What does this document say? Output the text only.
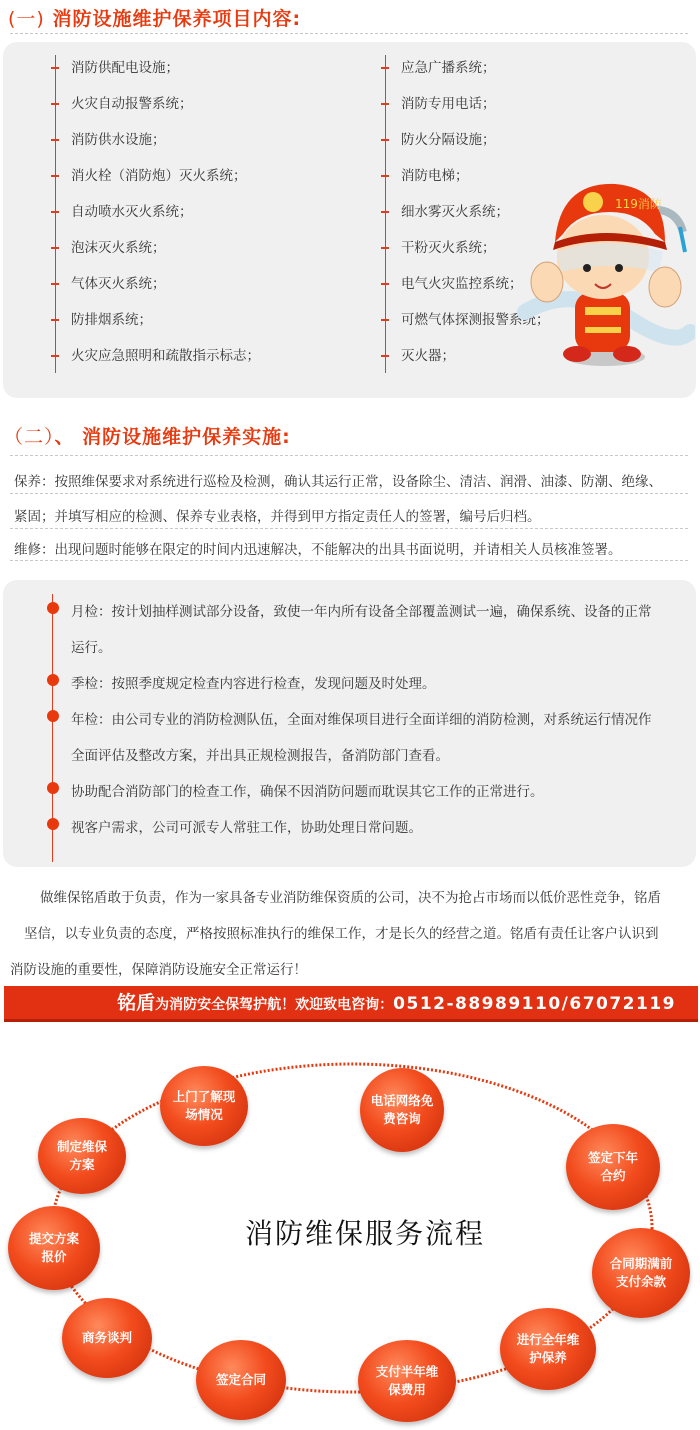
(一) 消防设施维护保养项目内容:
消防供配电设施；
火灾自动报警系统；
消防供水设施；
消火栓（消防炮）灭火系统；
自动喷水灭火系统；
泡沫灭火系统；
气体灭火系统；
防排烟系统；
火灾应急照明和疏散指示标志；
应急广播系统；
消防专用电话；
防火分隔设施；
消防电梯；
细水雾灭火系统；
干粉灭火系统；
电气火灾监控系统；
可燃气体探测报警系统；
灭火器；
119消防
（二）、 消防设施维护保养实施:
保养：按照维保要求对系统进行巡检及检测，确认其运行正常，设备除尘、清洁、润滑、油漆、防潮、绝缘、
紧固；并填写相应的检测、保养专业表格，并得到甲方指定责任人的签署，编号后归档。
维修：出现问题时能够在限定的时间内迅速解决，不能解决的出具书面说明，并请相关人员核准签署。
月检：按计划抽样测试部分设备，致使一年内所有设备全部覆盖测试一遍，确保系统、设备的正常
运行。
季检：按照季度规定检查内容进行检查，发现问题及时处理。
年检：由公司专业的消防检测队伍，全面对维保项目进行全面详细的消防检测，对系统运行情况作
全面评估及整改方案，并出具正规检测报告，备消防部门查看。
协助配合消防部门的检查工作，确保不因消防问题而耽误其它工作的正常进行。
视客户需求，公司可派专人常驻工作，协助处理日常问题。
做维保铭盾敢于负责，作为一家具备专业消防维保资质的公司，决不为抢占市场而以低价恶性竞争，铭盾
坚信，以专业负责的态度，严格按照标准执行的维保工作，才是长久的经营之道。铭盾有责任让客户认识到
消防设施的重要性，保障消防设施安全正常运行！
铭盾为消防安全保驾护航！欢迎致电咨询：0512-88989110/67072119
消防维保服务流程
电话网络免
费咨询
上门了解现
场情况
制定维保
方案
提交方案
报价
商务谈判
签定合同
支付半年维
保费用
进行全年维
护保养
合同期满前
支付余款
签定下年
合约
